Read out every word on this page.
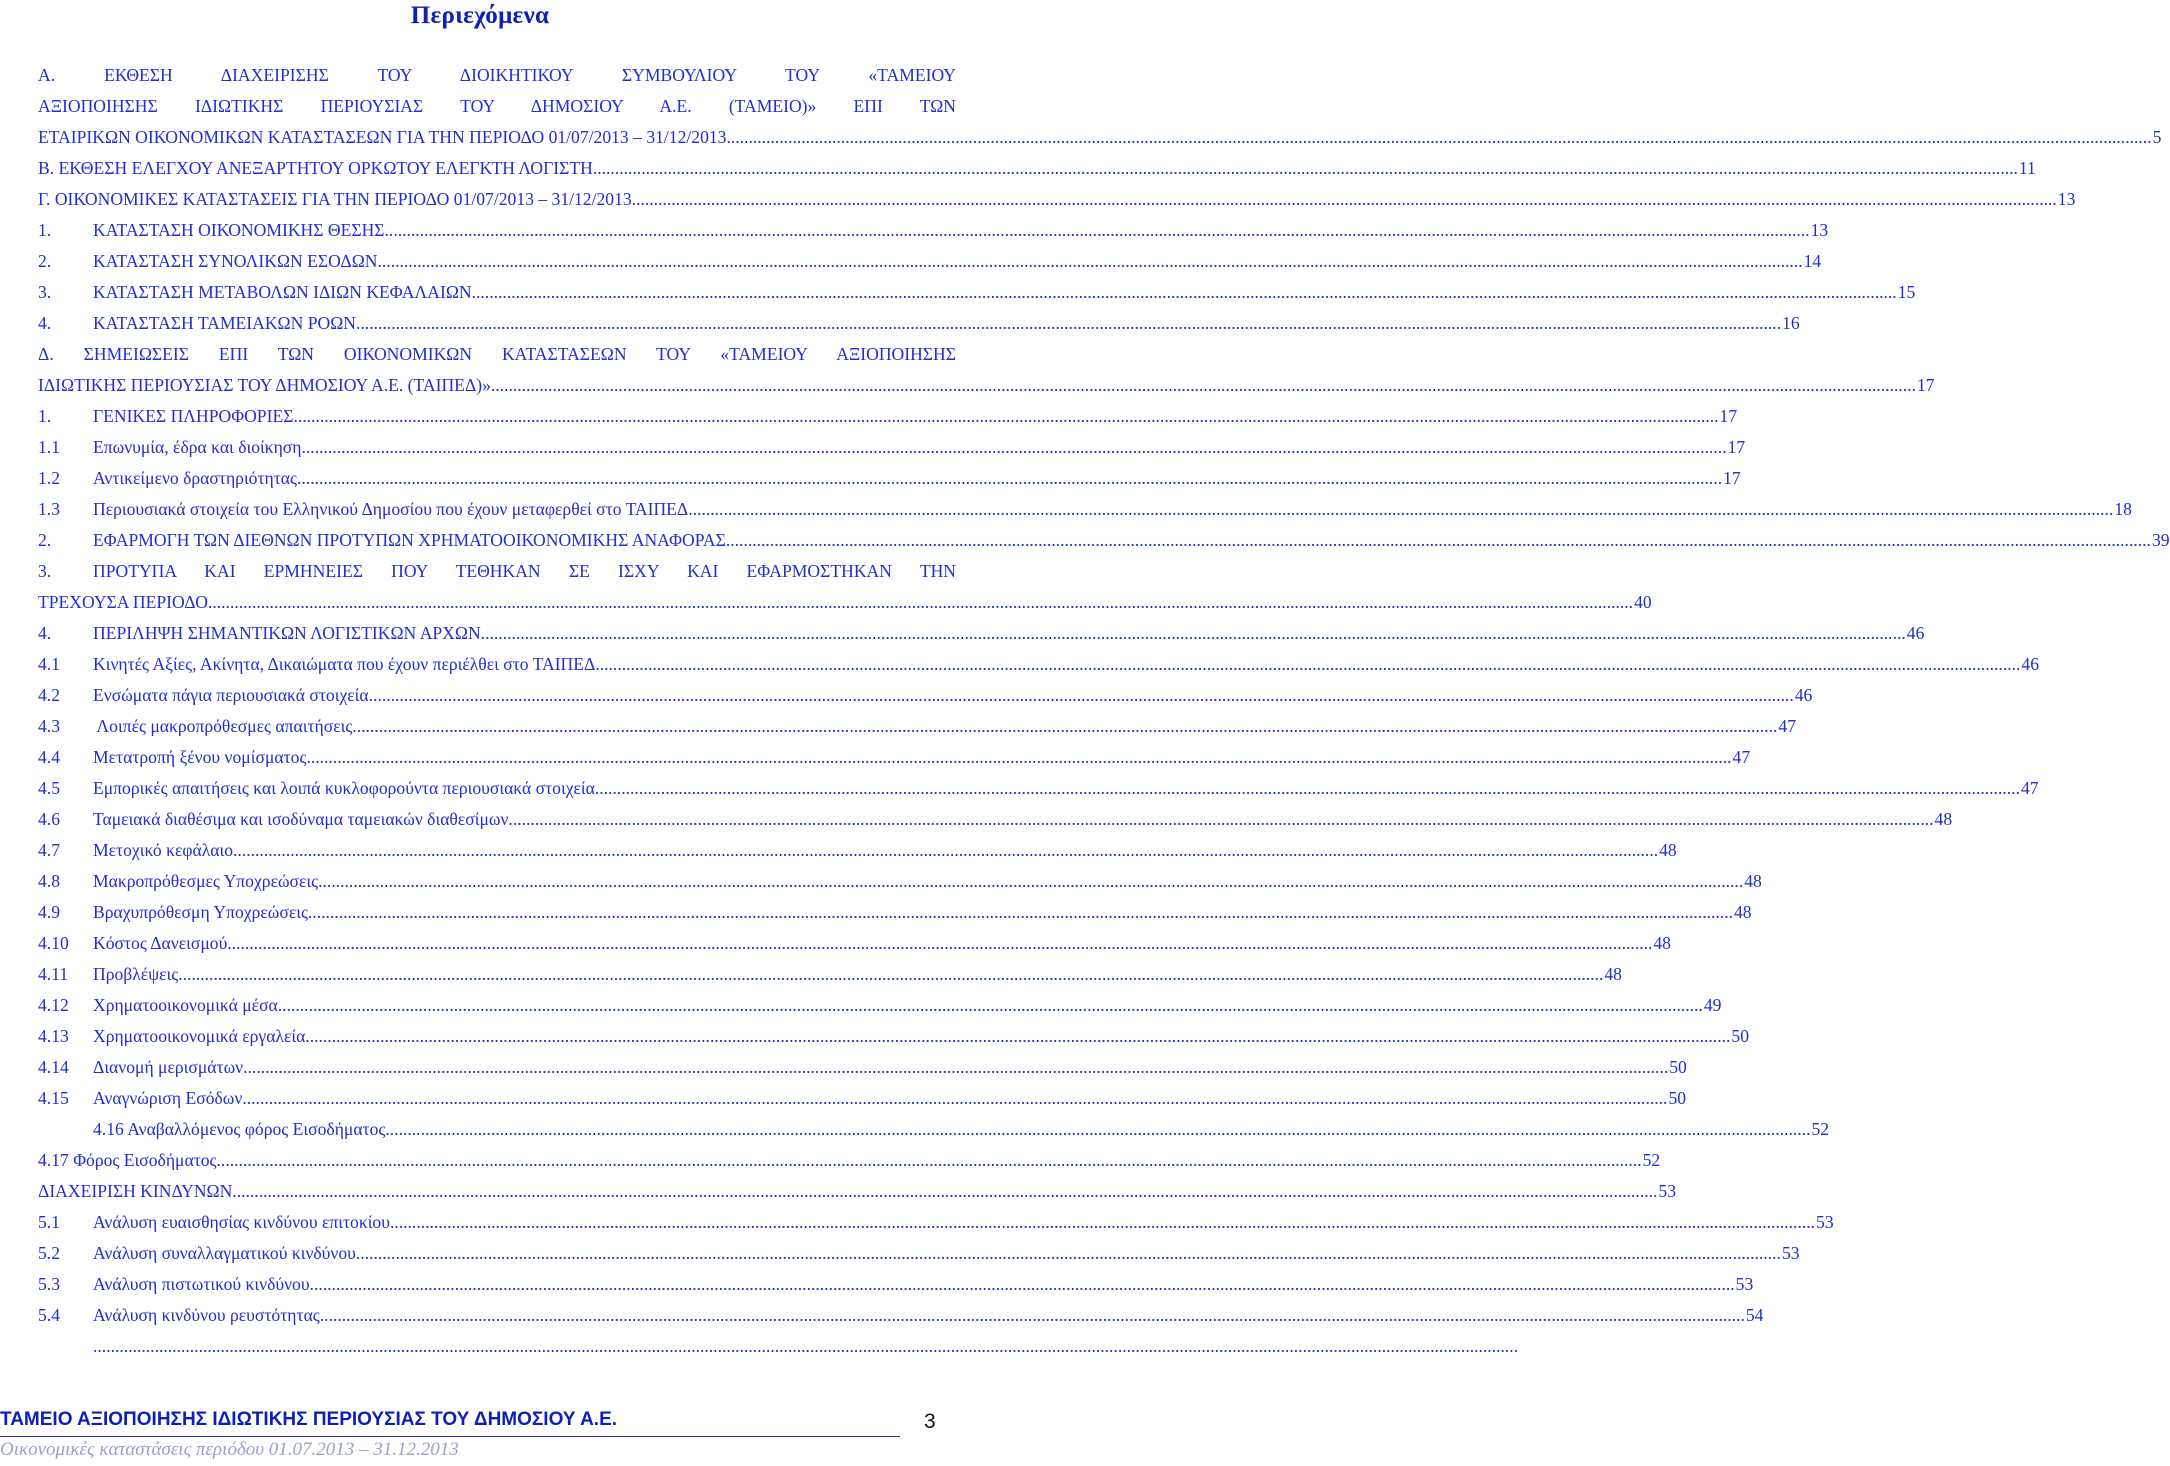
Περιεχόμενα
Α. ΕΚΘΕΣΗ ΔΙΑΧΕΙΡΙΣΗΣ ΤΟΥ ΔΙΟΙΚΗΤΙΚΟΥ ΣΥΜΒΟΥΛΙΟΥ ΤΟΥ «ΤΑΜΕΙΟΥ
ΑΞΙΟΠΟΙΗΣΗΣ ΙΔΙΩΤΙΚΗΣ ΠΕΡΙΟΥΣΙΑΣ ΤΟΥ ΔΗΜΟΣΙΟΥ Α.Ε. (ΤΑΜΕΙΟ)» ΕΠΙ ΤΩΝ
ΕΤΑΙΡΙΚΩΝ ΟΙΚΟΝΟΜΙΚΩΝ ΚΑΤΑΣΤΑΣΕΩΝ ΓΙΑ ΤΗΝ ΠΕΡΙΟΔΟ 01/07/2013 – 31/12/2013 .....	5
Β. ΕΚΘΕΣΗ ΕΛΕΓΧΟΥ ΑΝΕΞΑΡΤΗΤΟΥ ΟΡΚΩΤΟΥ ΕΛΕΓΚΤΗ ΛΟΓΙΣΤΗ .....	11
Γ. ΟΙΚΟΝΟΜΙΚΕΣ ΚΑΤΑΣΤΑΣΕΙΣ ΓΙΑ ΤΗΝ ΠΕΡΙΟΔΟ 01/07/2013 – 31/12/2013 .....	13
1.	ΚΑΤΑΣΤΑΣΗ ΟΙΚΟΝΟΜΙΚΗΣ ΘΕΣΗΣ .....	13
2.	ΚΑΤΑΣΤΑΣΗ ΣΥΝΟΛΙΚΩΝ ΕΣΟΔΩΝ .....	14
3.	ΚΑΤΑΣΤΑΣΗ ΜΕΤΑΒΟΛΩΝ ΙΔΙΩΝ ΚΕΦΑΛΑΙΩΝ .....	15
4.	ΚΑΤΑΣΤΑΣΗ ΤΑΜΕΙΑΚΩΝ ΡΟΩΝ .....	16
Δ. ΣΗΜΕΙΩΣΕΙΣ ΕΠΙ ΤΩΝ ΟΙΚΟΝΟΜΙΚΩΝ ΚΑΤΑΣΤΑΣΕΩΝ ΤΟΥ «ΤΑΜΕΙΟΥ ΑΞΙΟΠΟΙΗΣΗΣ
ΙΔΙΩΤΙΚΗΣ ΠΕΡΙΟΥΣΙΑΣ ΤΟΥ ΔΗΜΟΣΙΟΥ Α.Ε. (ΤΑΙΠΕΔ)» .....	17
1.	ΓΕΝΙΚΕΣ ΠΛΗΡΟΦΟΡΙΕΣ .....	17
1.1	Επωνυμία, έδρα και διοίκηση .....	17
1.2	Αντικείμενο δραστηριότητας .....	17
1.3	Περιουσιακά στοιχεία του Ελληνικού Δημοσίου που έχουν μεταφερθεί στο ΤΑΙΠΕΔ .....	18
2.	ΕΦΑΡΜΟΓΗ ΤΩΝ ΔΙΕΘΝΩΝ ΠΡΟΤΥΠΩΝ ΧΡΗΜΑΤΟΟΙΚΟΝΟΜΙΚΗΣ ΑΝΑΦΟΡΑΣ .....	39
3.	ΠΡΟΤΥΠΑ ΚΑΙ ΕΡΜΗΝΕΙΕΣ ΠΟΥ ΤΕΘΗΚΑΝ ΣΕ ΙΣΧΥ ΚΑΙ ΕΦΑΡΜΟΣΤΗΚΑΝ ΤΗΝ
ΤΡΕΧΟΥΣΑ ΠΕΡΙΟΔΟ .....	40
4.	ΠΕΡΙΛΗΨΗ ΣΗΜΑΝΤΙΚΩΝ ΛΟΓΙΣΤΙΚΩΝ ΑΡΧΩΝ .....	46
4.1	Κινητές Αξίες, Ακίνητα, Δικαιώματα που έχουν περιέλθει στο ΤΑΙΠΕΔ .....	46
4.2	Ενσώματα πάγια περιουσιακά στοιχεία .....	46
4.3	Λοιπές μακροπρόθεσμες απαιτήσεις .....	47
4.4	Μετατροπή ξένου νομίσματος .....	47
4.5	Εμπορικές απαιτήσεις και λοιπά κυκλοφορούντα περιουσιακά στοιχεία .....	47
4.6	Ταμειακά διαθέσιμα και ισοδύναμα ταμειακών διαθεσίμων .....	48
4.7	Μετοχικό κεφάλαιο .....	48
4.8	Μακροπρόθεσμες Υποχρεώσεις .....	48
4.9	Βραχυπρόθεσμη Υποχρεώσεις .....	48
4.10	Κόστος Δανεισμού .....	48
4.11	Προβλέψεις .....	48
4.12	Χρηματοοικονομικά μέσα .....	49
4.13	Χρηματοοικονομικά εργαλεία .....	50
4.14	Διανομή μερισμάτων .....	50
4.15	Αναγνώριση Εσόδων .....	50
4.16 Αναβαλλόμενος φόρος Εισοδήματος .....	52
4.17 Φόρος Εισοδήματος .....	52
ΔΙΑΧΕΙΡΙΣΗ ΚΙΝΔΥΝΩΝ .....	53
5.1	Ανάλυση ευαισθησίας κινδύνου επιτοκίου .....	53
5.2	Ανάλυση συναλλαγματικού κινδύνου .....	53
5.3	Ανάλυση πιστωτικού κινδύνου .....	53
5.4	Ανάλυση κινδύνου ρευστότητας .....	54
.....
ΤΑΜΕΙΟ ΑΞΙΟΠΟΙΗΣΗΣ ΙΔΙΩΤΙΚΗΣ ΠΕΡΙΟΥΣΙΑΣ ΤΟΥ ΔΗΜΟΣΙΟΥ Α.Ε.	3
Οικονομικές καταστάσεις περιόδου 01.07.2013 – 31.12.2013
